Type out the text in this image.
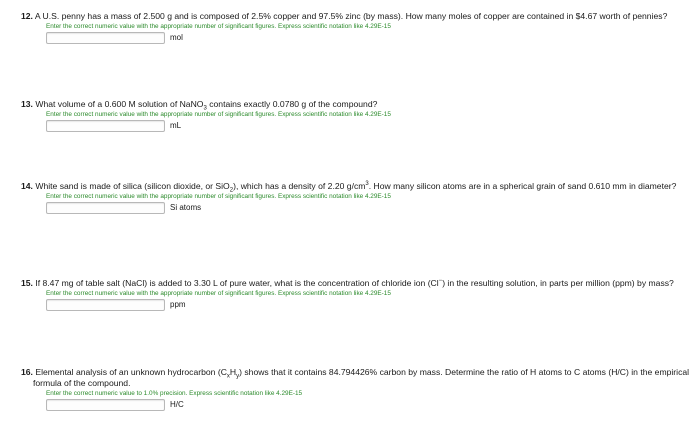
12. A U.S. penny has a mass of 2.500 g and is composed of 2.5% copper and 97.5% zinc (by mass). How many moles of copper are contained in $4.67 worth of pennies?
Enter the correct numeric value with the appropriate number of significant figures. Express scientific notation like 4.29E-15
mol
13. What volume of a 0.600 M solution of NaNO$_3$ contains exactly 0.0780 g of the compound?
Enter the correct numeric value with the appropriate number of significant figures. Express scientific notation like 4.29E-15
mL
14. White sand is made of silica (silicon dioxide, or SiO$_2$), which has a density of 2.20 $g/cm^3$. How many silicon atoms are in a spherical grain of sand 0.610 mm in diameter?
Enter the correct numeric value with the appropriate number of significant figures. Express scientific notation like 4.29E-15
Si atoms
15. If 8.47 mg of table salt (NaCl) is added to 3.30 L of pure water, what is the concentration of chloride ion (Cl−) in the resulting solution, in parts per million (ppm) by mass?
Enter the correct numeric value with the appropriate number of significant figures. Express scientific notation like 4.29E-15
ppm
16. Elemental analysis of an unknown hydrocarbon $(C_xH_y)$ shows that it contains 84.794426% carbon by mass. Determine the ratio of H atoms to C atoms (H/C) in the empirical formula of the compound.
Enter the correct numeric value to 1.0% precision. Express scientific notation like 4.29E-15
H/C
